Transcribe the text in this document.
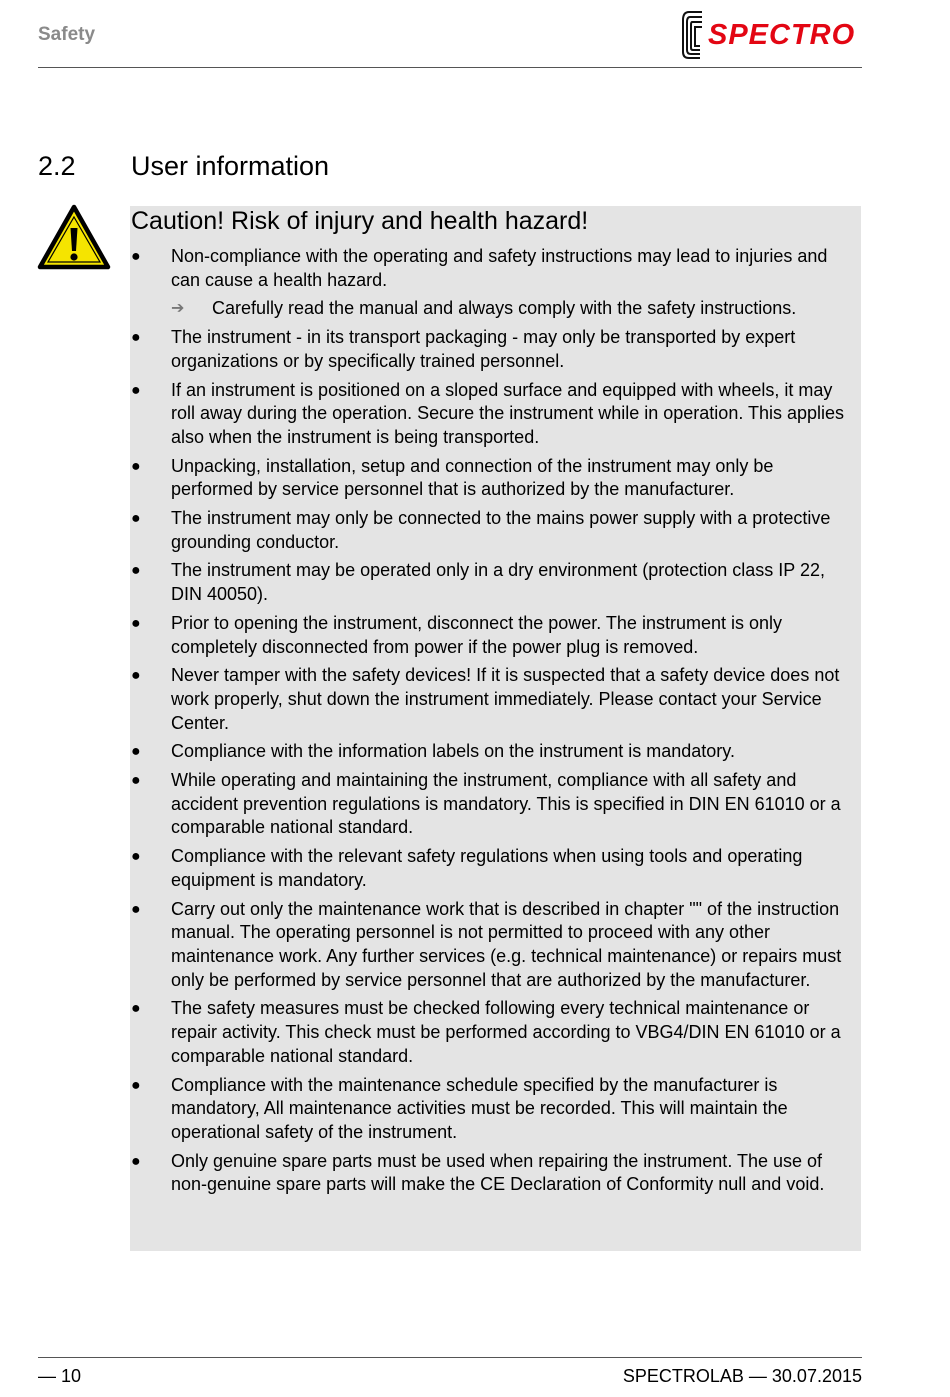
Safety	SPECTRO
2.2 User information
Caution! Risk of injury and health hazard!
● Non-compliance with the operating and safety instructions may lead to injuries and can cause a health hazard.
➔ Carefully read the manual and always comply with the safety instructions.
● The instrument - in its transport packaging - may only be transported by expert organizations or by specifically trained personnel.
● If an instrument is positioned on a sloped surface and equipped with wheels, it may roll away during the operation. Secure the instrument while in operation. This applies also when the instrument is being transported.
● Unpacking, installation, setup and connection of the instrument may only be performed by service personnel that is authorized by the manufacturer.
● The instrument may only be connected to the mains power supply with a protective grounding conductor.
● The instrument may be operated only in a dry environment (protection class IP 22, DIN 40050).
● Prior to opening the instrument, disconnect the power. The instrument is only completely disconnected from power if the power plug is removed.
● Never tamper with the safety devices! If it is suspected that a safety device does not work properly, shut down the instrument immediately. Please contact your Service Center.
● Compliance with the information labels on the instrument is mandatory.
● While operating and maintaining the instrument, compliance with all safety and accident prevention regulations is mandatory. This is specified in DIN EN 61010 or a comparable national standard.
● Compliance with the relevant safety regulations when using tools and operating equipment is mandatory.
● Carry out only the maintenance work that is described in chapter "" of the instruction manual. The operating personnel is not permitted to proceed with any other maintenance work. Any further services (e.g. technical maintenance) or repairs must only be performed by service personnel that are authorized by the manufacturer.
● The safety measures must be checked following every technical maintenance or repair activity. This check must be performed according to VBG4/DIN EN 61010 or a comparable national standard.
● Compliance with the maintenance schedule specified by the manufacturer is mandatory, All maintenance activities must be recorded. This will maintain the operational safety of the instrument.
● Only genuine spare parts must be used when repairing the instrument. The use of non-genuine spare parts will make the CE Declaration of Conformity null and void.
— 10	SPECTROLAB — 30.07.2015
